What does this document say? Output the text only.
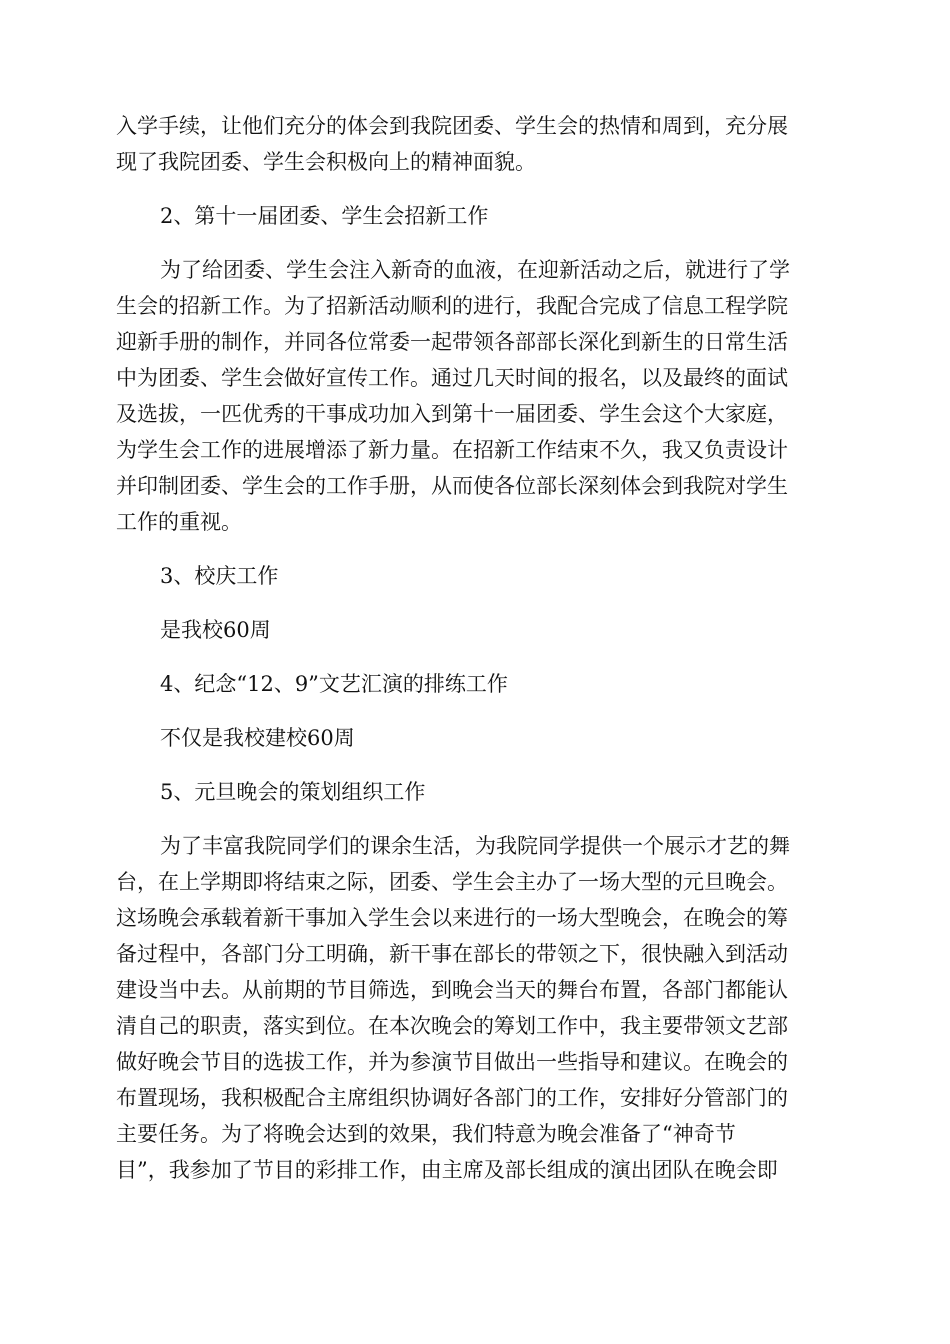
入学手续，让他们充分的体会到我院团委、学生会的热情和周到，充分展
现了我院团委、学生会积极向上的精神面貌。
2、第十一届团委、学生会招新工作
为了给团委、学生会注入新奇的血液，在迎新活动之后，就进行了学
生会的招新工作。为了招新活动顺利的进行，我配合完成了信息工程学院
迎新手册的制作，并同各位常委一起带领各部部长深化到新生的日常生活
中为团委、学生会做好宣传工作。通过几天时间的报名，以及最终的面试
及选拔，一匹优秀的干事成功加入到第十一届团委、学生会这个大家庭，
为学生会工作的进展增添了新力量。在招新工作结束不久，我又负责设计
并印制团委、学生会的工作手册，从而使各位部长深刻体会到我院对学生
工作的重视。
3、校庆工作
是我校60周
4、纪念“12、9”文艺汇演的排练工作
不仅是我校建校60周
5、元旦晚会的策划组织工作
为了丰富我院同学们的课余生活，为我院同学提供一个展示才艺的舞
台，在上学期即将结束之际，团委、学生会主办了一场大型的元旦晚会。
这场晚会承载着新干事加入学生会以来进行的一场大型晚会，在晚会的筹
备过程中，各部门分工明确，新干事在部长的带领之下，很快融入到活动
建设当中去。从前期的节目筛选，到晚会当天的舞台布置，各部门都能认
清自己的职责，落实到位。在本次晚会的筹划工作中，我主要带领文艺部
做好晚会节目的选拔工作，并为参演节目做出一些指导和建议。在晚会的
布置现场，我积极配合主席组织协调好各部门的工作，安排好分管部门的
主要任务。为了将晚会达到的效果，我们特意为晚会准备了“神奇节
目”，我参加了节目的彩排工作，由主席及部长组成的演出团队在晚会即
